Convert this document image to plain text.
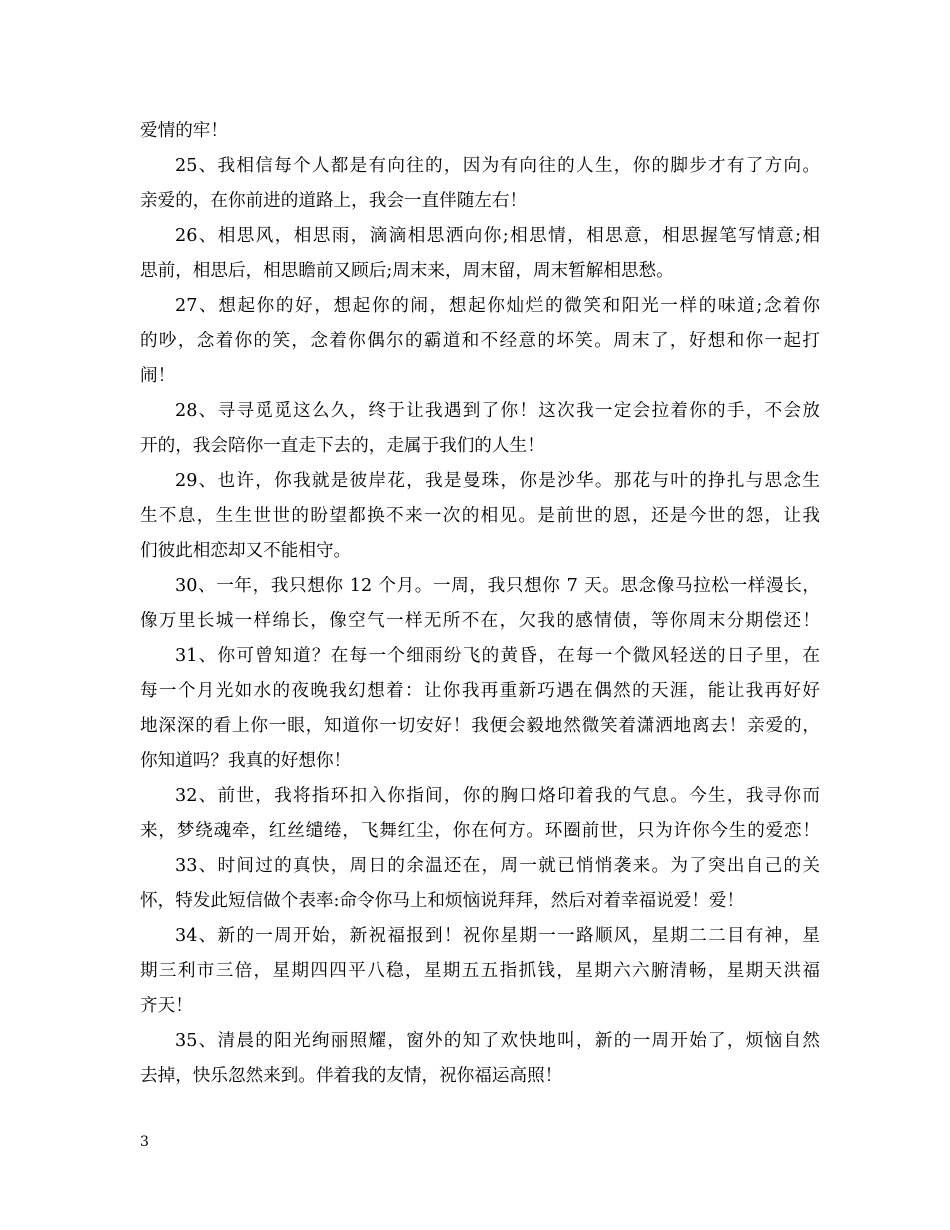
爱情的牢！
25、我相信每个人都是有向往的，因为有向往的人生，你的脚步才有了方向。
亲爱的，在你前进的道路上，我会一直伴随左右！
26、相思风，相思雨，滴滴相思洒向你;相思情，相思意，相思握笔写情意;相
思前，相思后，相思瞻前又顾后;周末来，周末留，周末暂解相思愁。
27、想起你的好，想起你的闹，想起你灿烂的微笑和阳光一样的味道;念着你
的吵，念着你的笑，念着你偶尔的霸道和不经意的坏笑。周末了，好想和你一起打
闹！
28、寻寻觅觅这么久，终于让我遇到了你！这次我一定会拉着你的手，不会放
开的，我会陪你一直走下去的，走属于我们的人生！
29、也许，你我就是彼岸花，我是曼珠，你是沙华。那花与叶的挣扎与思念生
生不息，生生世世的盼望都换不来一次的相见。是前世的恩，还是今世的怨，让我
们彼此相恋却又不能相守。
30、一年，我只想你 12 个月。一周，我只想你 7 天。思念像马拉松一样漫长，
像万里长城一样绵长，像空气一样无所不在，欠我的感情债，等你周末分期偿还！
31、你可曾知道？在每一个细雨纷飞的黄昏，在每一个微风轻送的日子里，在
每一个月光如水的夜晚我幻想着：让你我再重新巧遇在偶然的天涯，能让我再好好
地深深的看上你一眼，知道你一切安好！我便会毅地然微笑着潇洒地离去！亲爱的，
你知道吗？我真的好想你！
32、前世，我将指环扣入你指间，你的胸口烙印着我的气息。今生，我寻你而
来，梦绕魂牵，红丝缱绻，飞舞红尘，你在何方。环圈前世，只为许你今生的爱恋！
33、时间过的真快，周日的余温还在，周一就已悄悄袭来。为了突出自己的关
怀，特发此短信做个表率:命令你马上和烦恼说拜拜，然后对着幸福说爱！爱！
34、新的一周开始，新祝福报到！祝你星期一一路顺风，星期二二目有神，星
期三利市三倍，星期四四平八稳，星期五五指抓钱，星期六六腑清畅，星期天洪福
齐天！
35、清晨的阳光绚丽照耀，窗外的知了欢快地叫，新的一周开始了，烦恼自然
去掉，快乐忽然来到。伴着我的友情，祝你福运高照！
3
